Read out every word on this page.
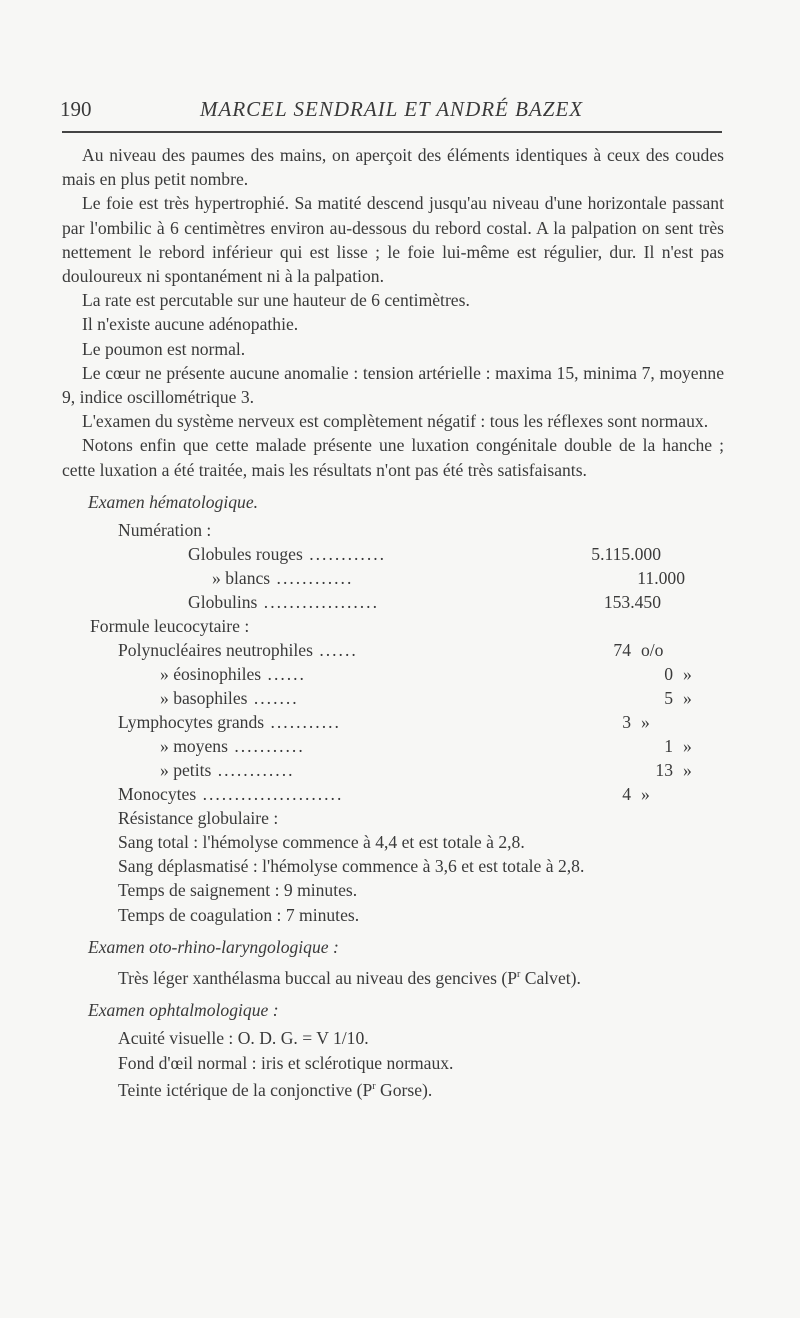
190	MARCEL SENDRAIL ET ANDRÉ BAZEX

Au niveau des paumes des mains, on aperçoit des éléments identiques à ceux des coudes mais en plus petit nombre.

Le foie est très hypertrophié. Sa matité descend jusqu'au niveau d'une horizontale passant par l'ombilic à 6 centimètres environ au-dessous du rebord costal. A la palpation on sent très nettement le rebord inférieur qui est lisse ; le foie lui-même est régulier, dur. Il n'est pas douloureux ni spontanément ni à la palpation.

La rate est percutable sur une hauteur de 6 centimètres.

Il n'existe aucune adénopathie.

Le poumon est normal.

Le cœur ne présente aucune anomalie : tension artérielle : maxima 15, minima 7, moyenne 9, indice oscillométrique 3.

L'examen du système nerveux est complètement négatif : tous les réflexes sont normaux.

Notons enfin que cette malade présente une luxation congénitale double de la hanche ; cette luxation a été traitée, mais les résultats n'ont pas été très satisfaisants.

Examen hématologique.
Numération :
Globules rouges ............	5.115.000
» blancs ............	11.000
Globulins ..................	153.450
Formule leucocytaire :
Polynucléaires neutrophiles ......	74 o/o
» éosinophiles ......	0 »
» basophiles .......	5 »
Lymphocytes grands ...........	3 »
» moyens ...........	1 »
» petits ............	13 »
Monocytes ......................	4 »
Résistance globulaire :

Sang total : l'hémolyse commence à 4,4 et est totale à 2,8.

Sang déplasmatisé : l'hémolyse commence à 3,6 et est totale à 2,8.

Temps de saignement : 9 minutes.

Temps de coagulation : 7 minutes.

Examen oto-rhino-laryngologique :

Très léger xanthélasma buccal au niveau des gencives ($P^r$ Calvet).

Examen ophtalmologique :

Acuité visuelle : O. D. G. = V 1/10.

Fond d'œil normal : iris et sclérotique normaux.

Teinte ictérique de la conjonctive ($P^r$ Gorse).
